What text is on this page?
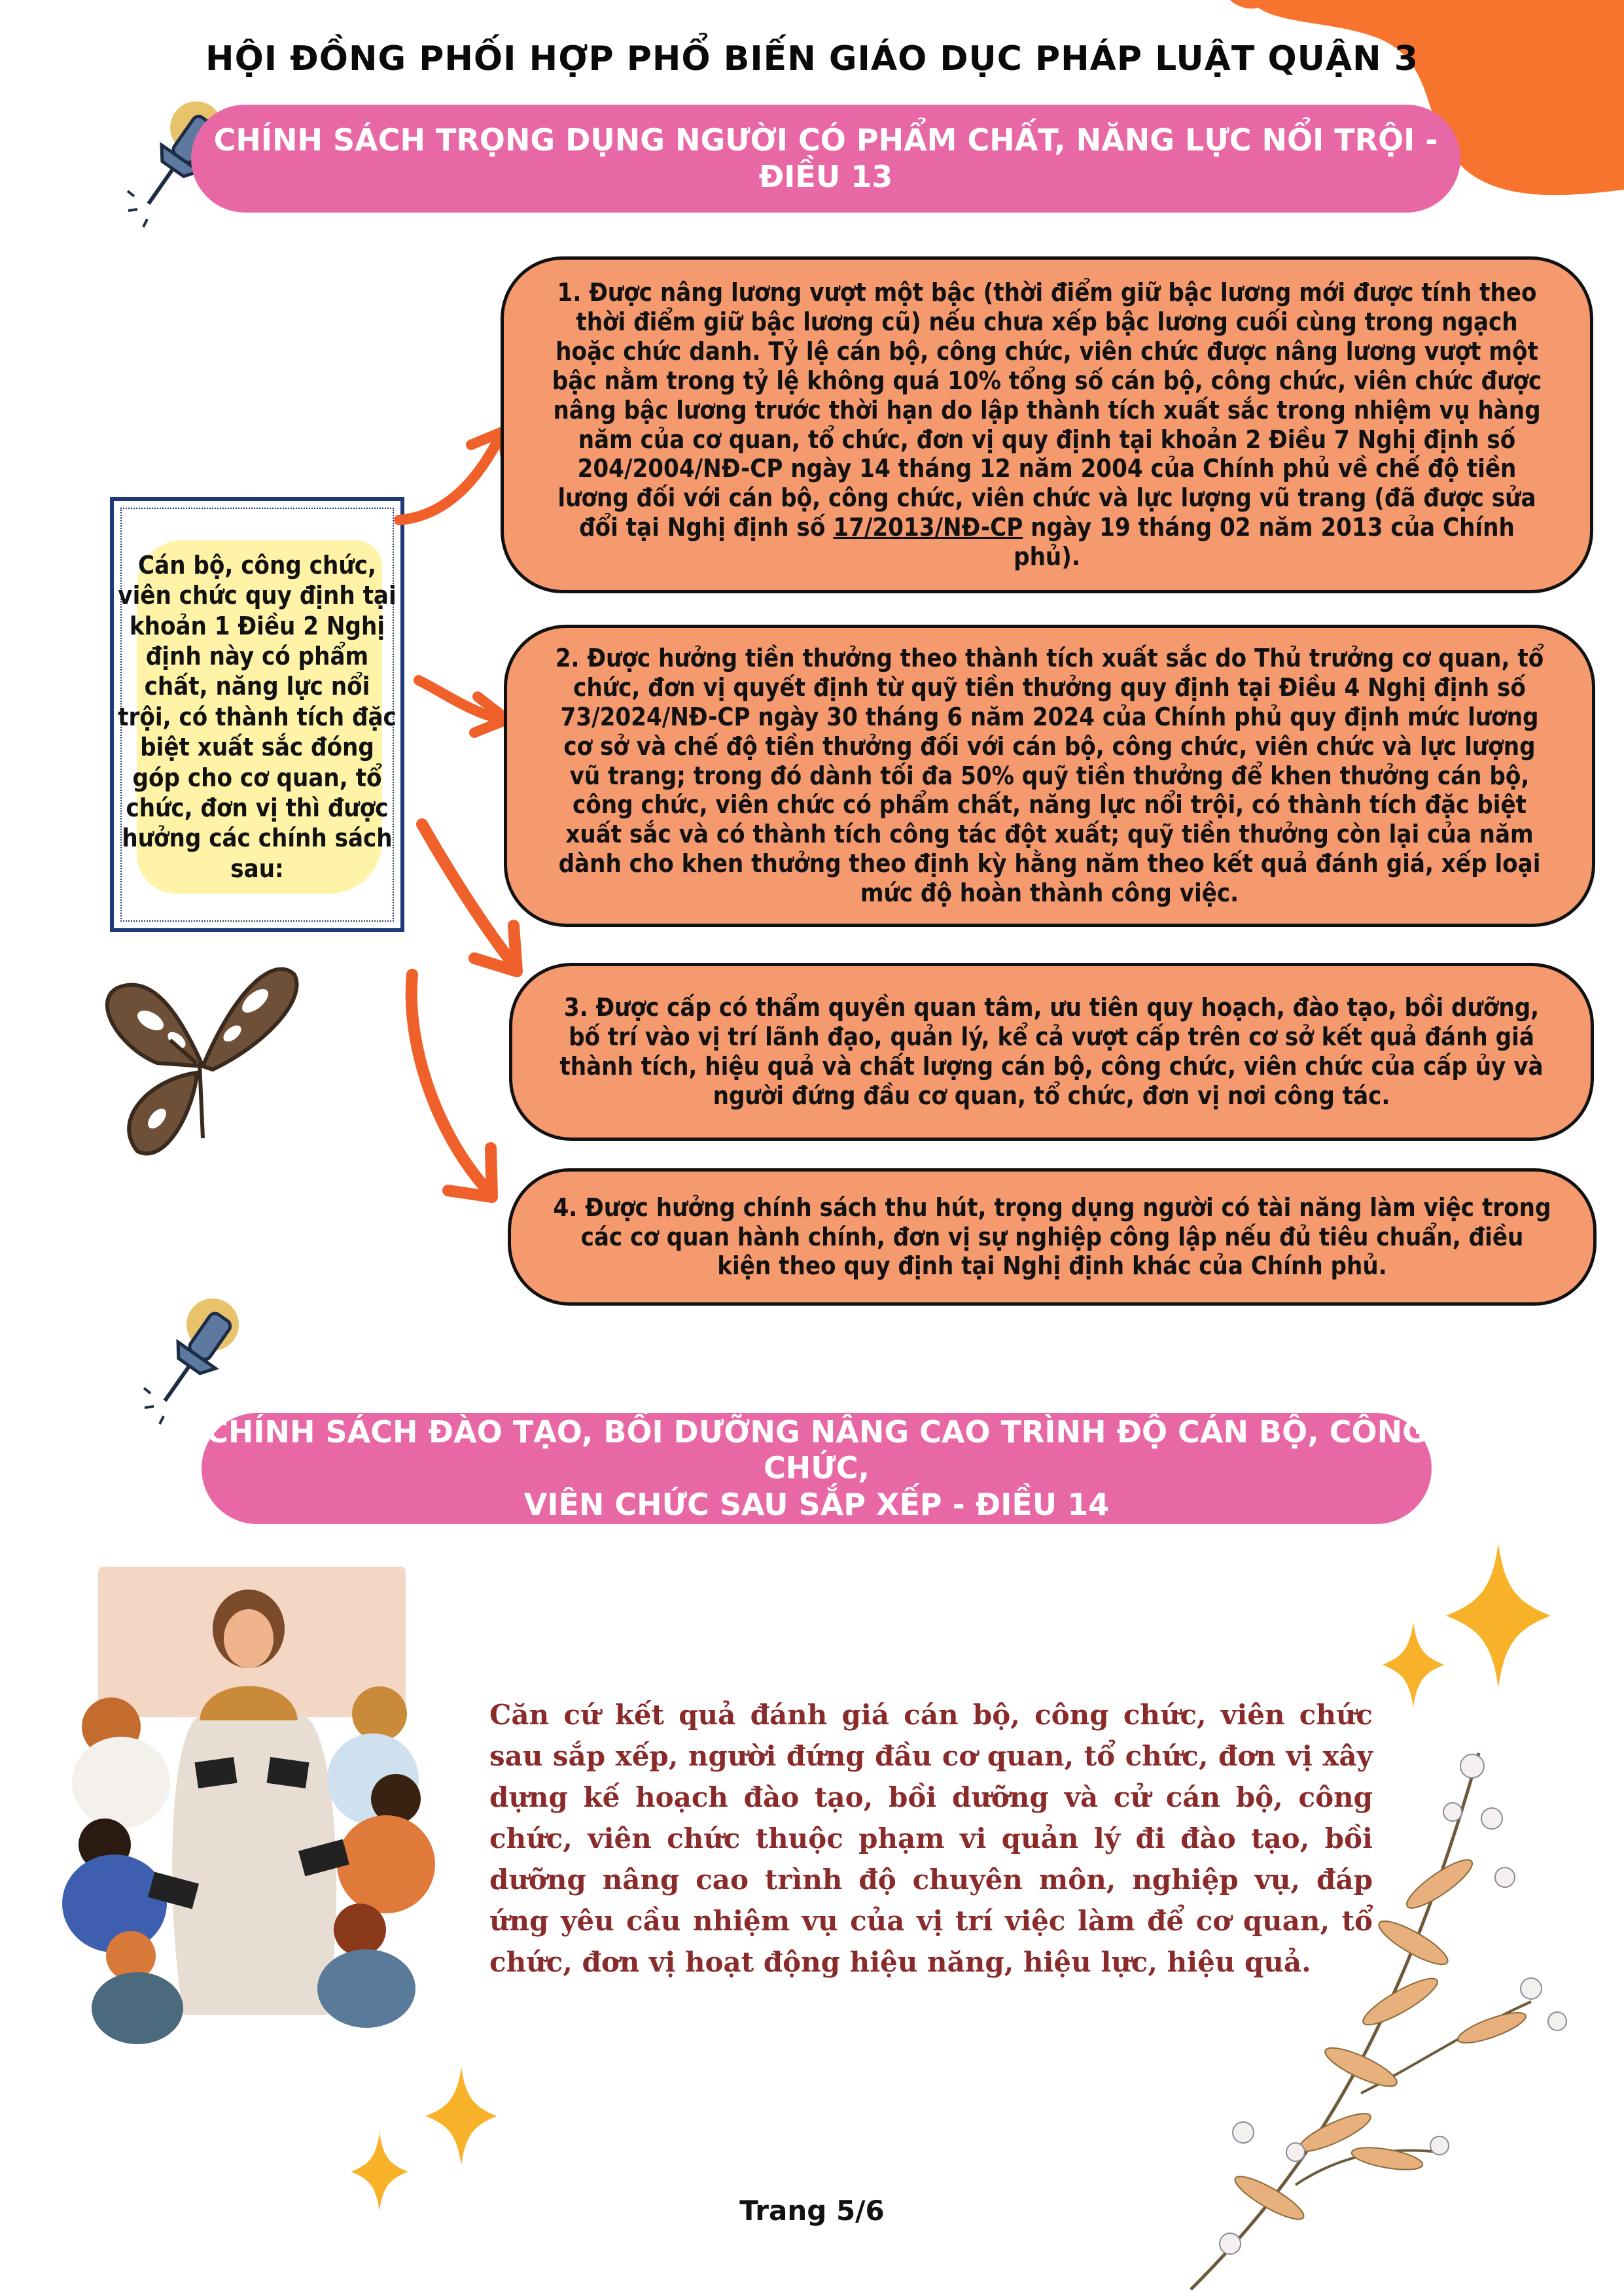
HỘI ĐỒNG PHỐI HỢP PHỔ BIẾN GIÁO DỤC PHÁP LUẬT QUẬN 3
CHÍNH SÁCH TRỌNG DỤNG NGƯỜI CÓ PHẨM CHẤT, NĂNG LỰC NỔI TRỘI -
ĐIỀU 13
Cán bộ, công chức, viên chức quy định tại khoản 1 Điều 2 Nghị định này có phẩm chất, năng lực nổi trội, có thành tích đặc biệt xuất sắc đóng góp cho cơ quan, tổ chức, đơn vị thì được hưởng các chính sách sau:

1. Được nâng lương vượt một bậc (thời điểm giữ bậc lương mới được tính theo thời điểm giữ bậc lương cũ) nếu chưa xếp bậc lương cuối cùng trong ngạch hoặc chức danh. Tỷ lệ cán bộ, công chức, viên chức được nâng lương vượt một bậc nằm trong tỷ lệ không quá 10% tổng số cán bộ, công chức, viên chức được nâng bậc lương trước thời hạn do lập thành tích xuất sắc trong nhiệm vụ hàng năm của cơ quan, tổ chức, đơn vị quy định tại khoản 2 Điều 7 Nghị định số 204/2004/NĐ-CP ngày 14 tháng 12 năm 2004 của Chính phủ về chế độ tiền lương đối với cán bộ, công chức, viên chức và lực lượng vũ trang (đã được sửa đổi tại Nghị định số 17/2013/NĐ-CP ngày 19 tháng 02 năm 2013 của Chính phủ).

2. Được hưởng tiền thưởng theo thành tích xuất sắc do Thủ trưởng cơ quan, tổ chức, đơn vị quyết định từ quỹ tiền thưởng quy định tại Điều 4 Nghị định số 73/2024/NĐ-CP ngày 30 tháng 6 năm 2024 của Chính phủ quy định mức lương cơ sở và chế độ tiền thưởng đối với cán bộ, công chức, viên chức và lực lượng vũ trang; trong đó dành tối đa 50% quỹ tiền thưởng để khen thưởng cán bộ, công chức, viên chức có phẩm chất, năng lực nổi trội, có thành tích đặc biệt xuất sắc và có thành tích công tác đột xuất; quỹ tiền thưởng còn lại của năm dành cho khen thưởng theo định kỳ hằng năm theo kết quả đánh giá, xếp loại mức độ hoàn thành công việc.

3. Được cấp có thẩm quyền quan tâm, ưu tiên quy hoạch, đào tạo, bồi dưỡng, bố trí vào vị trí lãnh đạo, quản lý, kể cả vượt cấp trên cơ sở kết quả đánh giá thành tích, hiệu quả và chất lượng cán bộ, công chức, viên chức của cấp ủy và người đứng đầu cơ quan, tổ chức, đơn vị nơi công tác.

4. Được hưởng chính sách thu hút, trọng dụng người có tài năng làm việc trong các cơ quan hành chính, đơn vị sự nghiệp công lập nếu đủ tiêu chuẩn, điều kiện theo quy định tại Nghị định khác của Chính phủ.

CHÍNH SÁCH ĐÀO TẠO, BỒI DƯỠNG NÂNG CAO TRÌNH ĐỘ CÁN BỘ, CÔNG CHỨC,
VIÊN CHỨC SAU SẮP XẾP - ĐIỀU 14
Căn cứ kết quả đánh giá cán bộ, công chức, viên chức sau sắp xếp, người đứng đầu cơ quan, tổ chức, đơn vị xây dựng kế hoạch đào tạo, bồi dưỡng và cử cán bộ, công chức, viên chức thuộc phạm vi quản lý đi đào tạo, bồi dưỡng nâng cao trình độ chuyên môn, nghiệp vụ, đáp ứng yêu cầu nhiệm vụ của vị trí việc làm để cơ quan, tổ chức, đơn vị hoạt động hiệu năng, hiệu lực, hiệu quả.
Trang 5/6
